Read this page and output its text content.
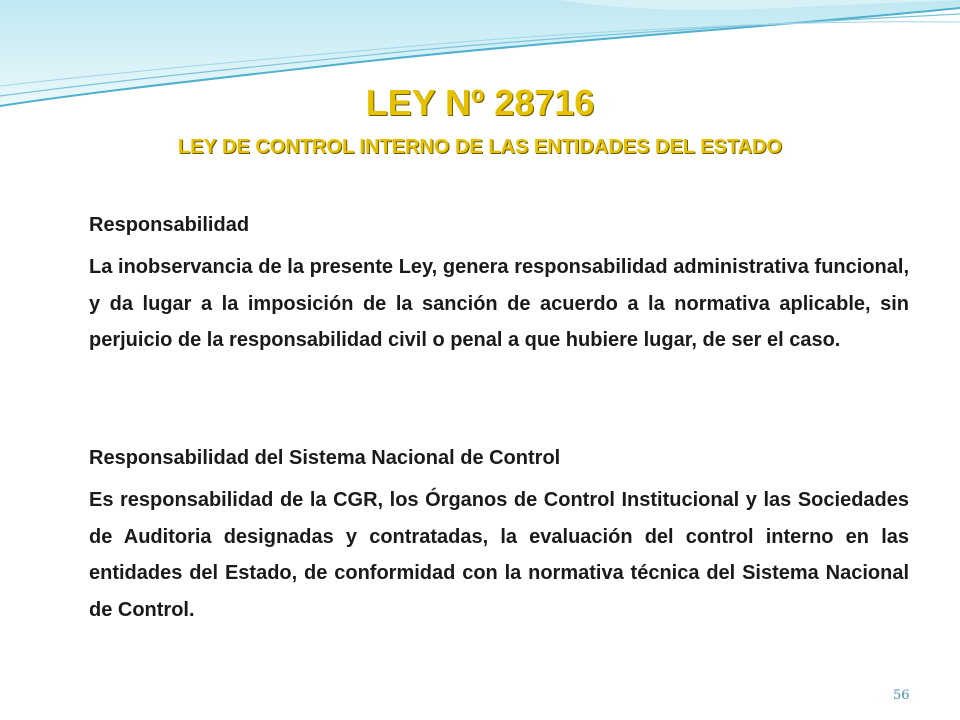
LEY Nº 28716
LEY DE CONTROL INTERNO DE LAS ENTIDADES DEL ESTADO
Responsabilidad
La inobservancia de la presente Ley, genera responsabilidad administrativa funcional, y da lugar a la imposición de la sanción de acuerdo a la normativa aplicable, sin perjuicio de la responsabilidad civil o penal a que hubiere lugar, de ser el caso.
Responsabilidad del Sistema Nacional de Control
Es responsabilidad de la CGR, los Órganos de Control Institucional y las Sociedades de Auditoria designadas y contratadas, la evaluación del control interno en las entidades del Estado, de conformidad con la normativa técnica del Sistema Nacional de Control.
56
